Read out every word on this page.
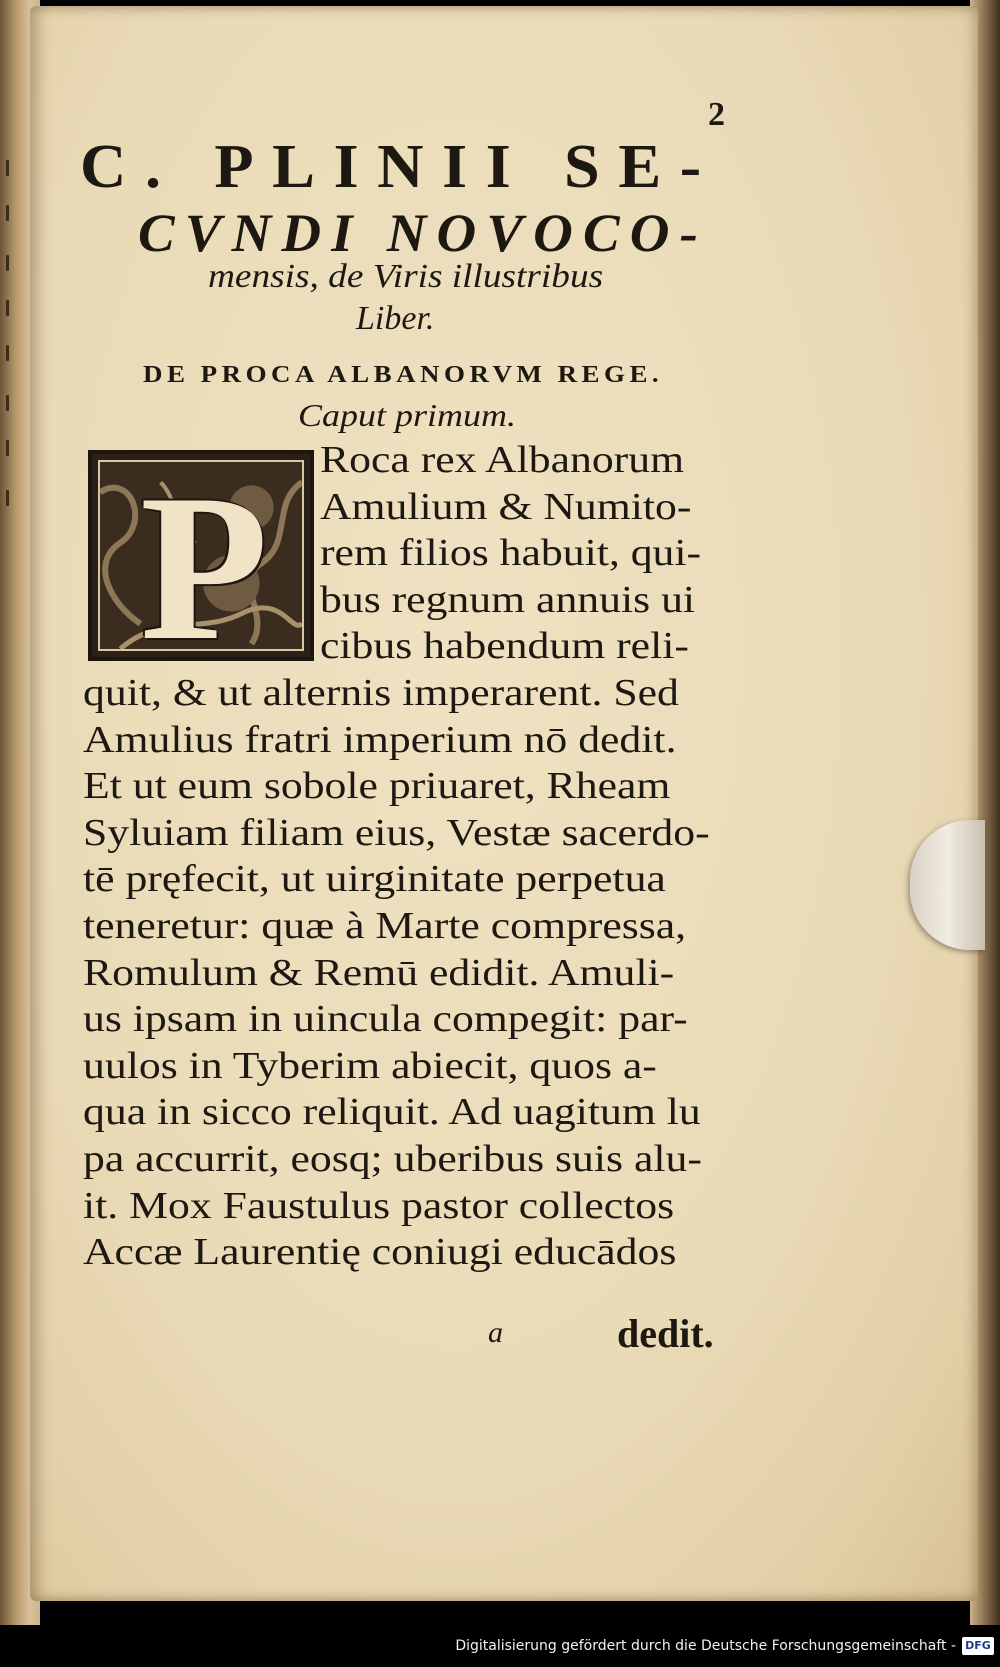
2
C. PLINII SE-
CVNDI NOVOCO-
mensis, de Viris illustribus
Liber.
DE PROCA ALBANORVM REGE.
Caput primum.
P Roca rex Albanorum
Amulium & Numito-
rem filios habuit, qui-
bus regnum annuis ui
cibus habendum reli-
quit, & ut alternis imperarent. Sed
Amulius fratri imperium nō dedit.
Et ut eum sobole priuaret, Rheam
Syluiam filiam eius, Vestæ sacerdo-
tē pręfecit, ut uirginitate perpetua
teneretur: quæ à Marte compressa,
Romulum & Remū edidit. Amuli-
us ipsam in uincula compegit: par-
uulos in Tyberim abiecit, quos a-
qua in sicco reliquit. Ad uagitum lu
pa accurrit, eosq; uberibus suis alu-
it. Mox Faustulus pastor collectos
Accæ Laurentię coniugi educādos
a	dedit.
Digitalisierung gefördert durch die Deutsche Forschungsgemeinschaft - DFG
